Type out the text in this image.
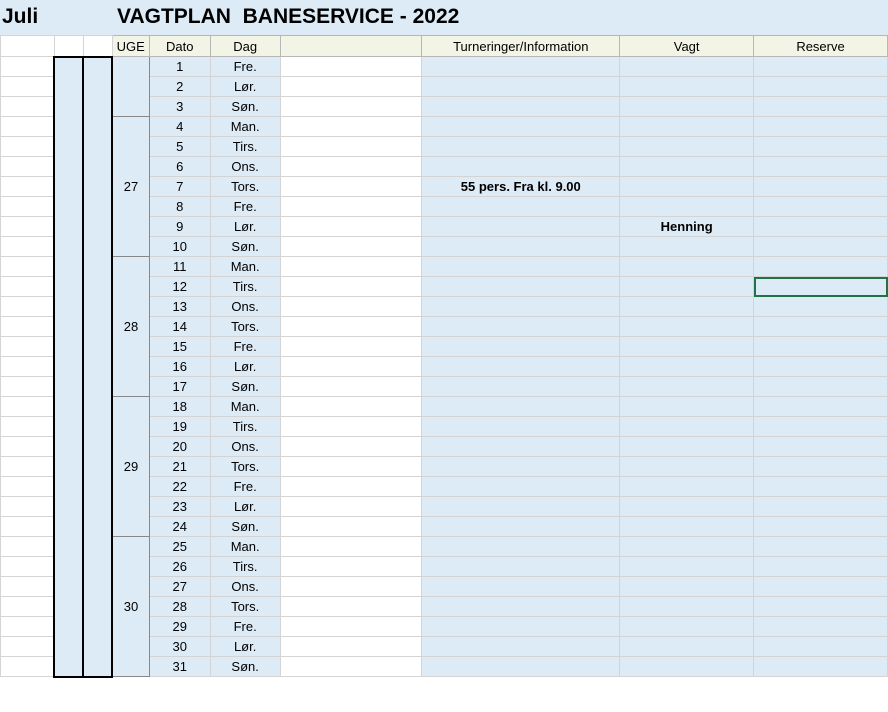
Juli	VAGTPLAN  BANESERVICE - 2022
			UGE	Dato	Dag		Turneringer/Information	Vagt	Reserve
				1	Fre.				
				2	Lør.				
				3	Søn.				
			27	4	Man.				
				5	Tirs.				
				6	Ons.				
				7	Tors.		55 pers. Fra kl. 9.00		
				8	Fre.				
				9	Lør.			Henning	
				10	Søn.				
			28	11	Man.				
				12	Tirs.				
				13	Ons.				
				14	Tors.				
				15	Fre.				
				16	Lør.				
				17	Søn.				
			29	18	Man.				
				19	Tirs.				
				20	Ons.				
				21	Tors.				
				22	Fre.				
				23	Lør.				
				24	Søn.				
			30	25	Man.				
				26	Tirs.				
				27	Ons.				
				28	Tors.				
				29	Fre.				
				30	Lør.				
				31	Søn.				
